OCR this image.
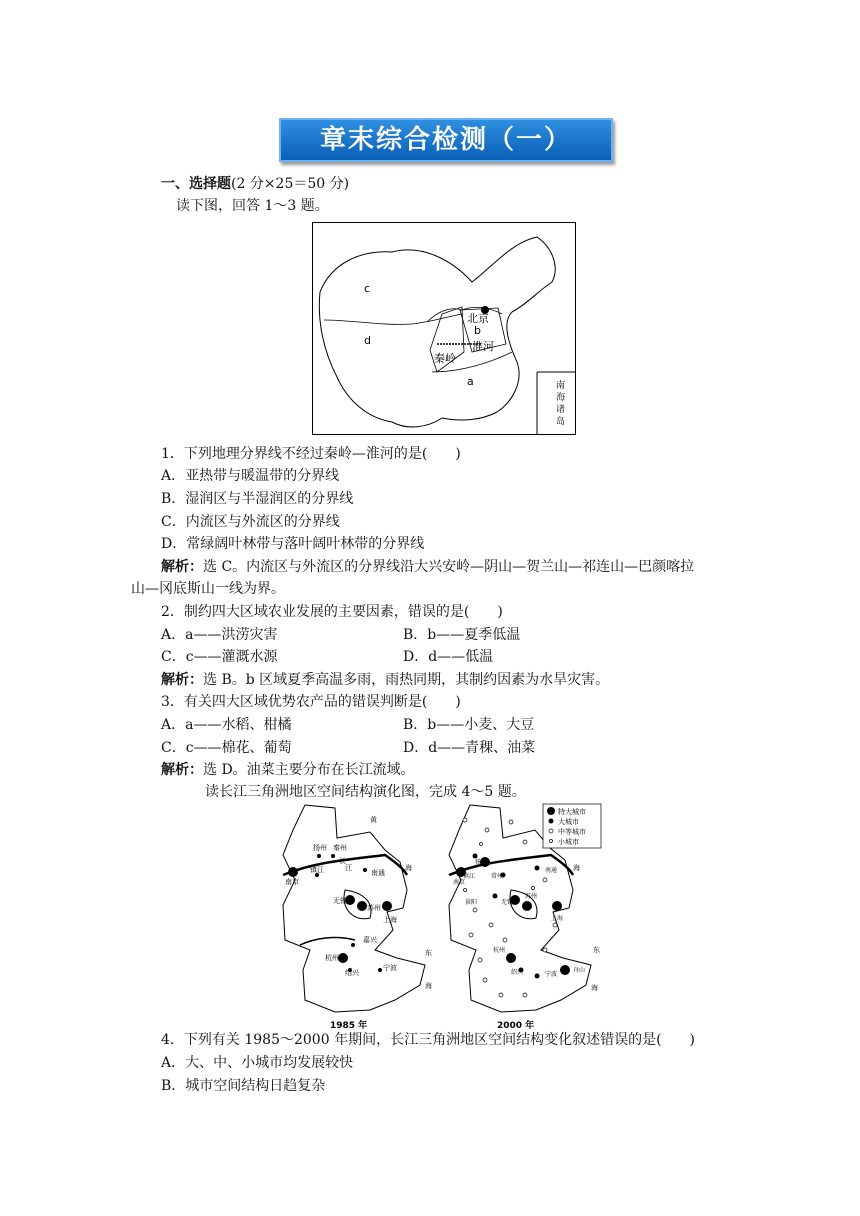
章末综合检测（一）
一、选择题(2 分×25＝50 分)
读下图，回答 1～3 题。
c
d
b
a
北京
淮河
秦岭
南
海
诸
岛
1．下列地理分界线不经过秦岭—淮河的是(　　)
A．亚热带与暖温带的分界线
B．湿润区与半湿润区的分界线
C．内流区与外流区的分界线
D．常绿阔叶林带与落叶阔叶林带的分界线
解析：选 C。内流区与外流区的分界线沿大兴安岭—阴山—贺兰山—祁连山—巴颜喀拉
山—冈底斯山一线为界。
2．制约四大区域农业发展的主要因素，错误的是(　　)
A．a——洪涝灾害	B．b——夏季低温
C．c——灌溉水源	D．d——低温
解析：选 B。b 区域夏季高温多雨，雨热同期，其制约因素为水旱灾害。
3．有关四大区域优势农产品的错误判断是(　　)
A．a——水稻、柑橘	B．b——小麦、大豆
C．c——棉花、葡萄	D．d——青稞、油菜
解析：选 D。油菜主要分布在长江流域。
读长江三角洲地区空间结构演化图，完成 4～5 题。
黄
扬州 秦州
长
江
镇江	南通
南京
海
无锡
苏州
上海
嘉兴
杭州
绍兴
宁波
东
海
1985 年
特大城市
大城市
中等城市
小城市
扬州
南京
镇江	常州
南通 海
景阳	无锡
苏州
上海
杭州
绍兴	宁波
舟山
东
海
2000 年
4．下列有关 1985～2000 年期间，长江三角洲地区空间结构变化叙述错误的是(　　)
A．大、中、小城市均发展较快
B．城市空间结构日趋复杂
